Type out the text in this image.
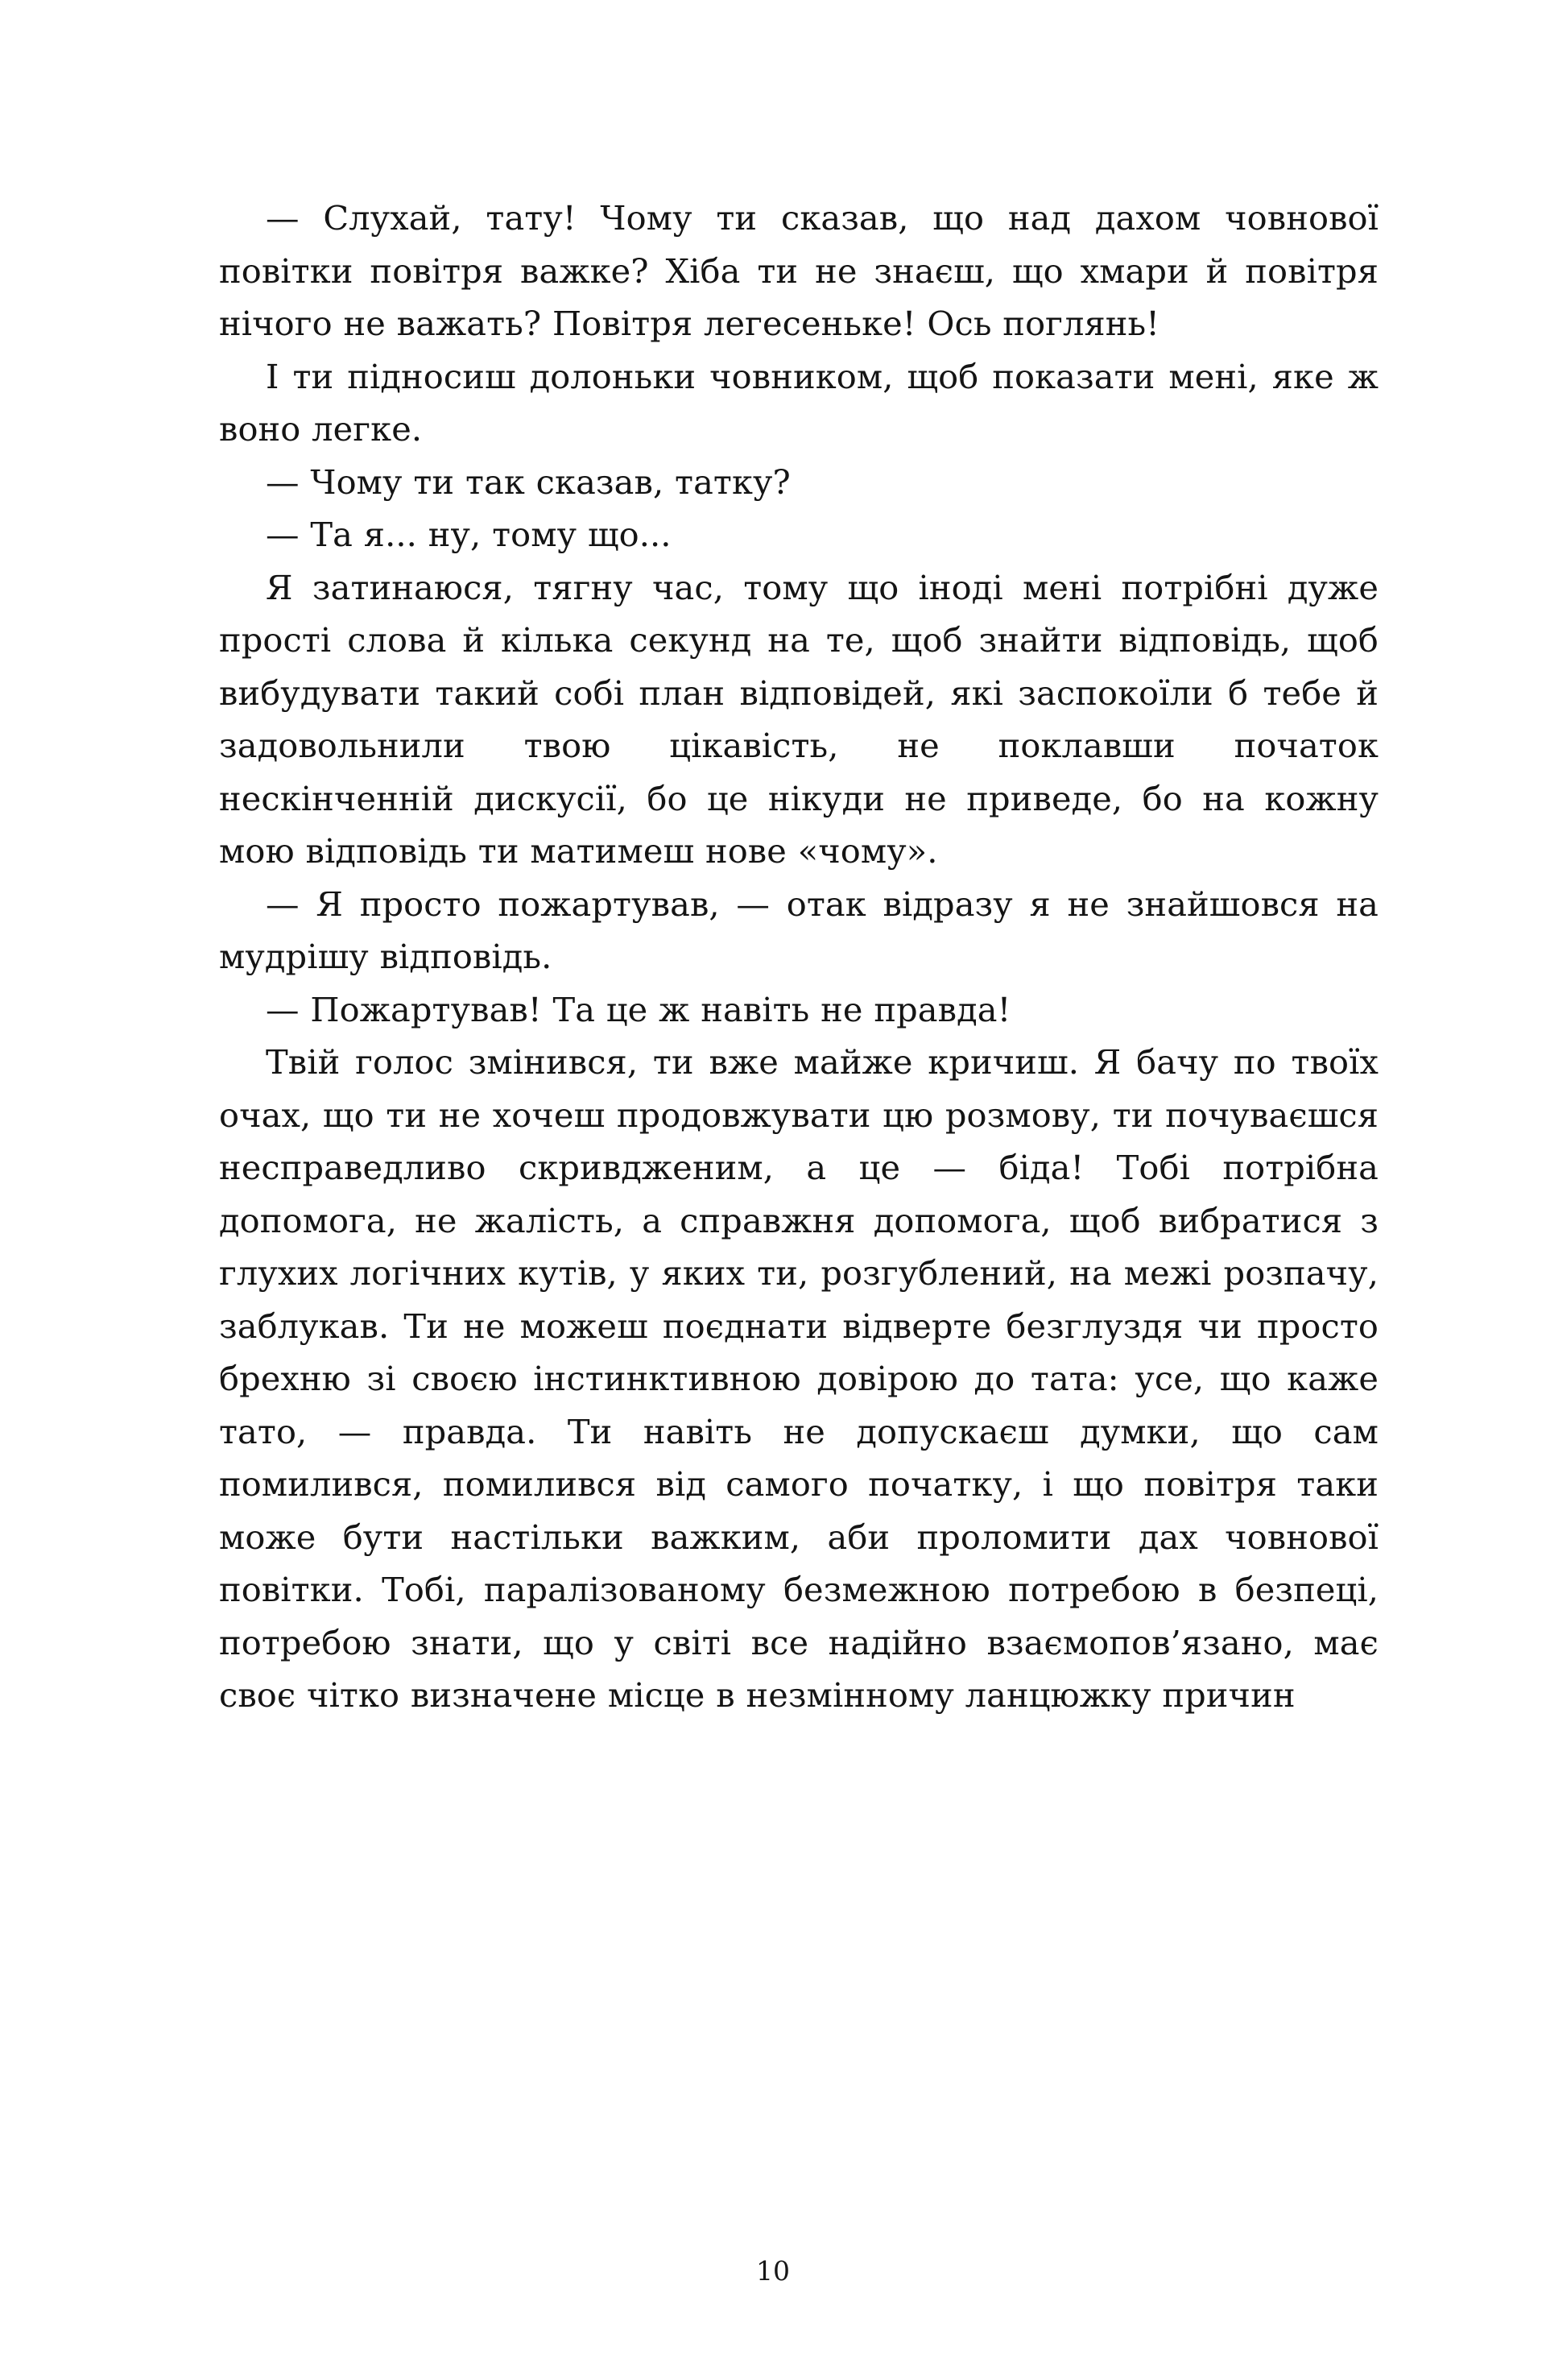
— Слухай, тату! Чому ти сказав, що над дахом човнової повітки повітря важке? Хіба ти не знаєш, що хмари й повітря нічого не важать? Повітря легесеньке! Ось поглянь!

І ти підносиш долоньки човником, щоб показати мені, яке ж воно легке.

— Чому ти так сказав, татку?

— Та я... ну, тому що...

Я затинаюся, тягну час, тому що іноді мені потрібні дуже прості слова й кілька секунд на те, щоб знайти відповідь, щоб вибудувати такий собі план відповідей, які заспокоїли б тебе й задовольнили твою цікавість, не поклавши початок нескінченній дискусії, бо це нікуди не приведе, бо на кожну мою відповідь ти матимеш нове «чому».

— Я просто пожартував, — отак відразу я не знайшовся на мудрішу відповідь.

— Пожартував! Та це ж навіть не правда!

Твій голос змінився, ти вже майже кричиш. Я бачу по твоїх очах, що ти не хочеш продовжувати цю розмову, ти почуваєшся несправедливо скривдженим, а це — біда! Тобі потрібна допомога, не жалість, а справжня допомога, щоб вибратися з глухих логічних кутів, у яких ти, розгублений, на межі розпачу, заблукав. Ти не можеш поєднати відверте безглуздя чи просто брехню зі своєю інстинктивною довірою до тата: усе, що каже тато, — правда. Ти навіть не допускаєш думки, що сам помилився, помилився від самого початку, і що повітря таки може бути настільки важким, аби проломити дах човнової повітки. Тобі, паралізованому безмежною потребою в безпеці, потребою знати, що у світі все надійно взаємопов’язано, має своє чітко визначене місце в незмінному ланцюжку причин

10
